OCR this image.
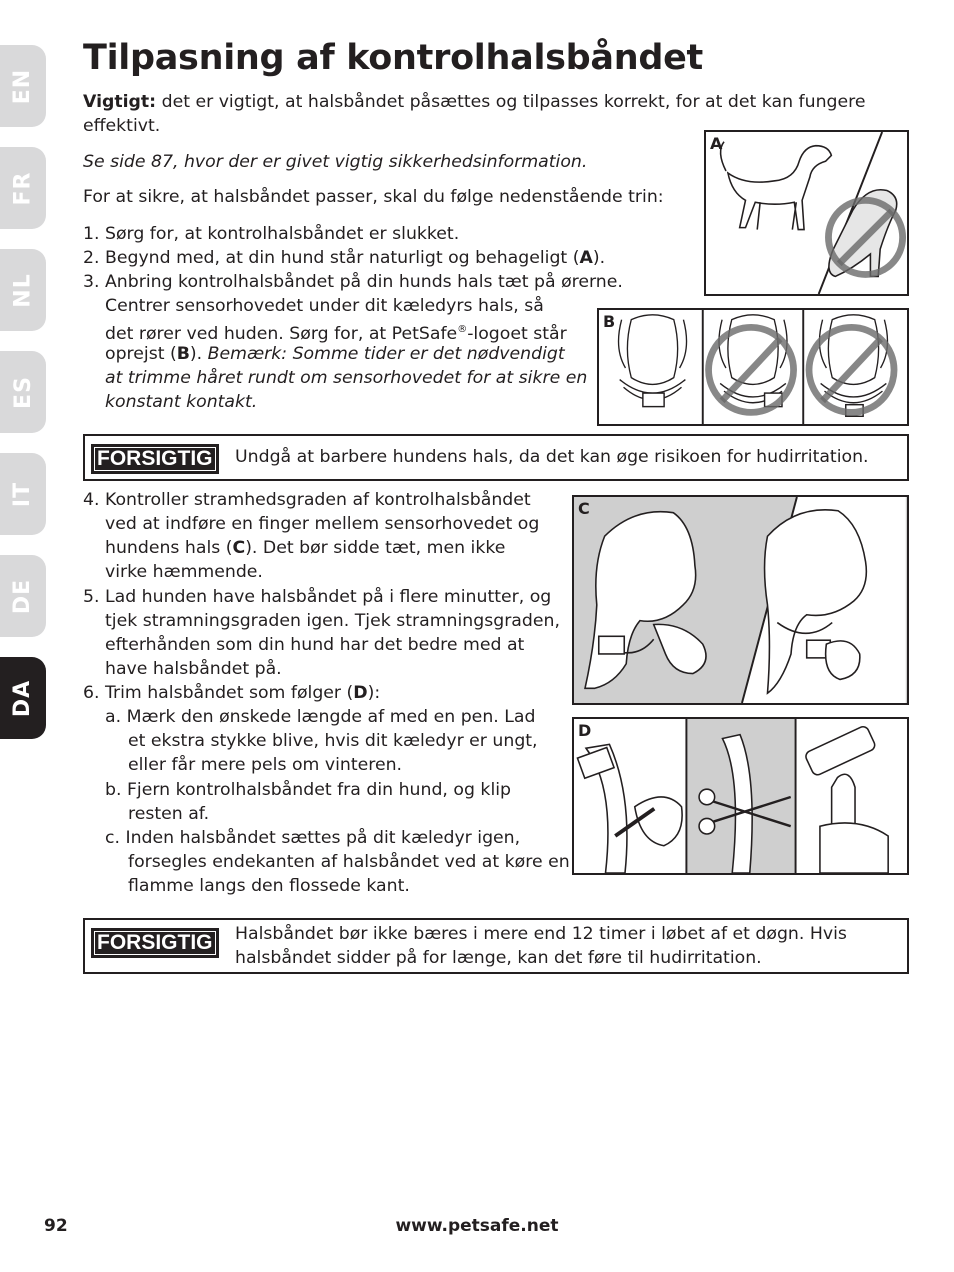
EN
FR
NL
ES
IT
DE
DA
Tilpasning af kontrolhalsbåndet

Vigtigt: det er vigtigt, at halsbåndet påsættes og tilpasses korrekt, for at det kan fungere

effektivt.

Se side 87, hvor der er givet vigtig sikkerhedsinformation.

For at sikre, at halsbåndet passer, skal du følge nedenstående trin:

1. Sørg for, at kontrolhalsbåndet er slukket.

2. Begynd med, at din hund står naturligt og behageligt (A).

3. Anbring kontrolhalsbåndet på din hunds hals tæt på ørerne.

Centrer sensorhovedet under dit kæledyrs hals, så

det rører ved huden. Sørg for, at PetSafe®-logoet står

oprejst (B). Bemærk: Somme tider er det nødvendigt

at trimme håret rundt om sensorhovedet for at sikre en

konstant kontakt.

A
B
FORSIGTIG	Undgå at barbere hundens hals, da det kan øge risikoen for hudirritation.

4. Kontroller stramhedsgraden af kontrolhalsbåndet

ved at indføre en finger mellem sensorhovedet og

hundens hals (C). Det bør sidde tæt, men ikke

virke hæmmende.

5. Lad hunden have halsbåndet på i flere minutter, og

tjek stramningsgraden igen. Tjek stramningsgraden,

efterhånden som din hund har det bedre med at

have halsbåndet på.

6. Trim halsbåndet som følger (D):

a. Mærk den ønskede længde af med en pen. Lad

et ekstra stykke blive, hvis dit kæledyr er ungt,

eller får mere pels om vinteren.

b. Fjern kontrolhalsbåndet fra din hund, og klip

resten af.

c. Inden halsbåndet sættes på dit kæledyr igen,

forsegles endekanten af halsbåndet ved at køre en

flamme langs den flossede kant.

C
D
FORSIGTIG	Halsbåndet bør ikke bæres i mere end 12 timer i løbet af et døgn. Hvis
halsbåndet sidder på for længe, kan det føre til hudirritation.
www.petsafe.net
92
